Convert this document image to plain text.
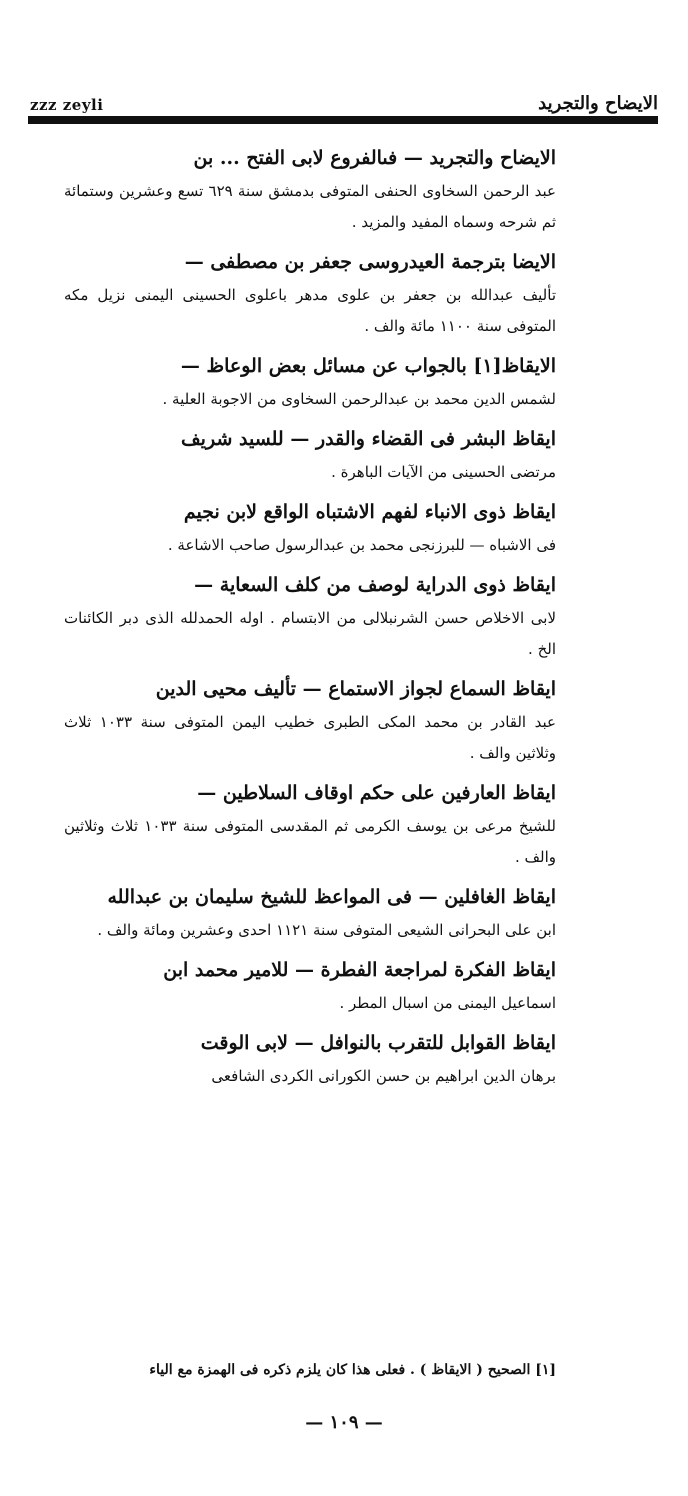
zzz zeyli	الايضاح والتجريد

الايضاح والتجريد — فىالفروع لابى الفتح ... بن

عبد الرحمن السخاوى الحنفى المتوفى بدمشق سنة ٦٢٩ تسع وعشرين وستمائة ثم شرحه وسماه المفيد والمزيد .

الايضا بترجمة العيدروسى جعفر بن مصطفى —

تأليف عبدالله بن جعفر بن علوى مدهر باعلوى الحسينى اليمنى نزيل مكه المتوفى سنة ١١٠٠ مائة والف .

الايقاظ[١] بالجواب عن مسائل بعض الوعاظ —

لشمس الدين محمد بن عبدالرحمن السخاوى من الاجوبة العلية .

ايقاظ البشر فى القضاء والقدر — للسيد شريف

مرتضى الحسينى من الآيات الباهرة .

ايقاظ ذوى الانباء لفهم الاشتباه الواقع لابن نجيم

فى الاشباه — للبرزنجى محمد بن عبدالرسول صاحب الاشاعة .

ايقاظ ذوى الدراية لوصف من كلف السعاية —

لابى الاخلاص حسن الشرنبلالى من الابتسام . اوله الحمدلله الذى دبر الكائنات الخ .

ايقاظ السماع لجواز الاستماع — تأليف محيى الدين

عبد القادر بن محمد المكى الطبرى خطيب اليمن المتوفى سنة ١٠٣٣ ثلاث وثلاثين والف .

ايقاظ العارفين على حكم اوقاف السلاطين —

للشيخ مرعى بن يوسف الكرمى ثم المقدسى المتوفى سنة ١٠٣٣ ثلاث وثلاثين والف .

ايقاظ الغافلين — فى المواعظ للشيخ سليمان بن عبدالله

ابن على البحرانى الشيعى المتوفى سنة ١١٢١ احدى وعشرين ومائة والف .

ايقاظ الفكرة لمراجعة الفطرة — للامير محمد ابن

اسماعيل اليمنى من اسبال المطر .

ايقاظ القوابل للتقرب بالنوافل — لابى الوقت

برهان الدين ابراهيم بن حسن الكورانى الكردى الشافعى

[١] الصحيح ( الايقاظ ) . فعلى هذا كان يلزم ذكره فى الهمزة مع الياء
— ١٠٩ —
